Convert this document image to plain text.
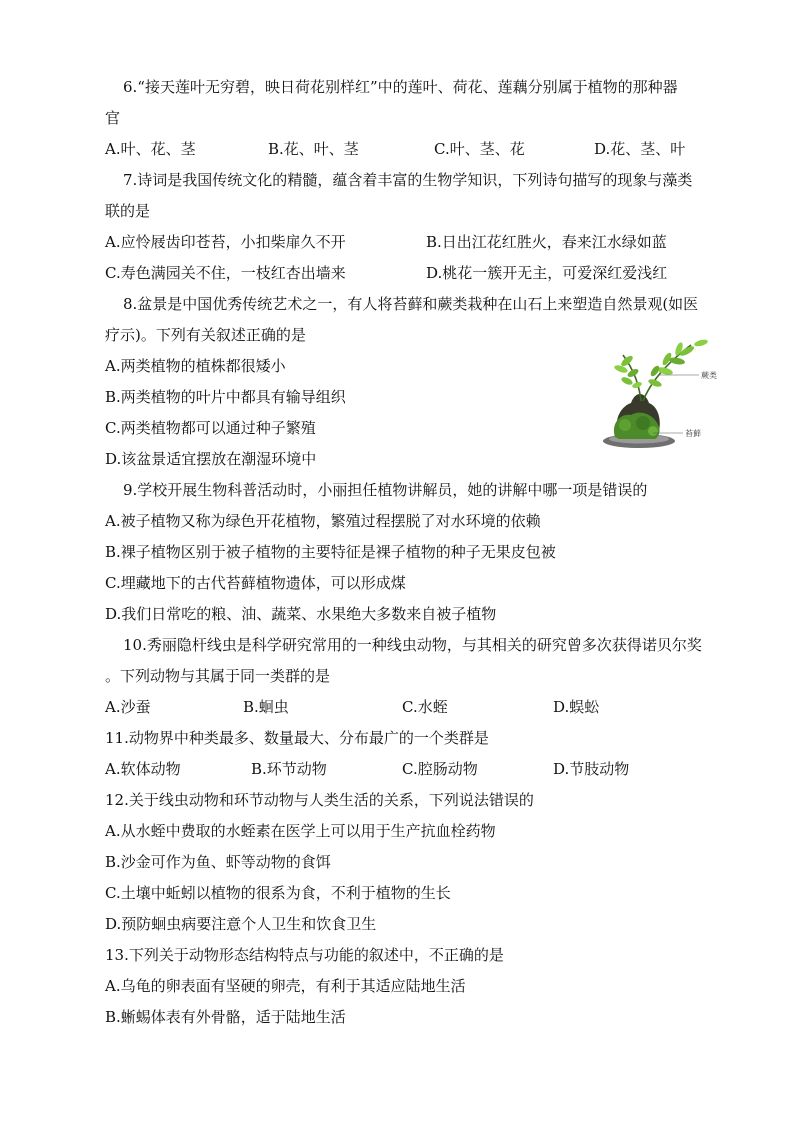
6.“接天莲叶无穷碧，映日荷花别样红”中的莲叶、荷花、莲藕分别属于植物的那种器
官
A.叶、花、茎	B.花、叶、茎	C.叶、茎、花	D.花、茎、叶
7.诗词是我国传统文化的精髓，蕴含着丰富的生物学知识，下列诗句描写的现象与藻类
联的是
A.应怜屐齿印苍苔，小扣柴扉久不开	B.日出江花红胜火，春来江水绿如蓝
C.寿色满园关不住，一枝红杏出墙来	D.桃花一簇开无主，可爱深红爱浅红
8.盆景是中国优秀传统艺术之一，有人将苔藓和蕨类栽种在山石上来塑造自然景观(如医
疗示)。下列有关叙述正确的是
A.两类植物的植株都很矮小
B.两类植物的叶片中都具有输导组织
C.两类植物都可以通过种子繁殖
D.该盆景适宜摆放在潮湿环境中
蕨类
苔藓
9.学校开展生物科普活动时，小丽担任植物讲解员，她的讲解中哪一项是错误的
A.被子植物又称为绿色开花植物，繁殖过程摆脱了对水环境的依赖
B.裸子植物区别于被子植物的主要特征是裸子植物的种子无果皮包被
C.埋藏地下的古代苔藓植物遗体，可以形成煤
D.我们日常吃的粮、油、蔬菜、水果绝大多数来自被子植物
10.秀丽隐杆线虫是科学研究常用的一种线虫动物，与其相关的研究曾多次获得诺贝尔奖
。下列动物与其属于同一类群的是
A.沙蚕	B.蛔虫	C.水蛭	D.蜈蚣
11.动物界中种类最多、数量最大、分布最广的一个类群是
A.软体动物	B.环节动物	C.腔肠动物	D.节肢动物
12.关于线虫动物和环节动物与人类生活的关系，下列说法错误的
A.从水蛭中费取的水蛭素在医学上可以用于生产抗血栓药物
B.沙金可作为鱼、虾等动物的食饵
C.土壤中蚯蚓以植物的很系为食，不利于植物的生长
D.预防蛔虫病要注意个人卫生和饮食卫生
13.下列关于动物形态结构特点与功能的叙述中，不正确的是
A.乌龟的卵表面有坚硬的卵壳，有利于其适应陆地生活
B.蜥蜴体表有外骨骼，适于陆地生活
